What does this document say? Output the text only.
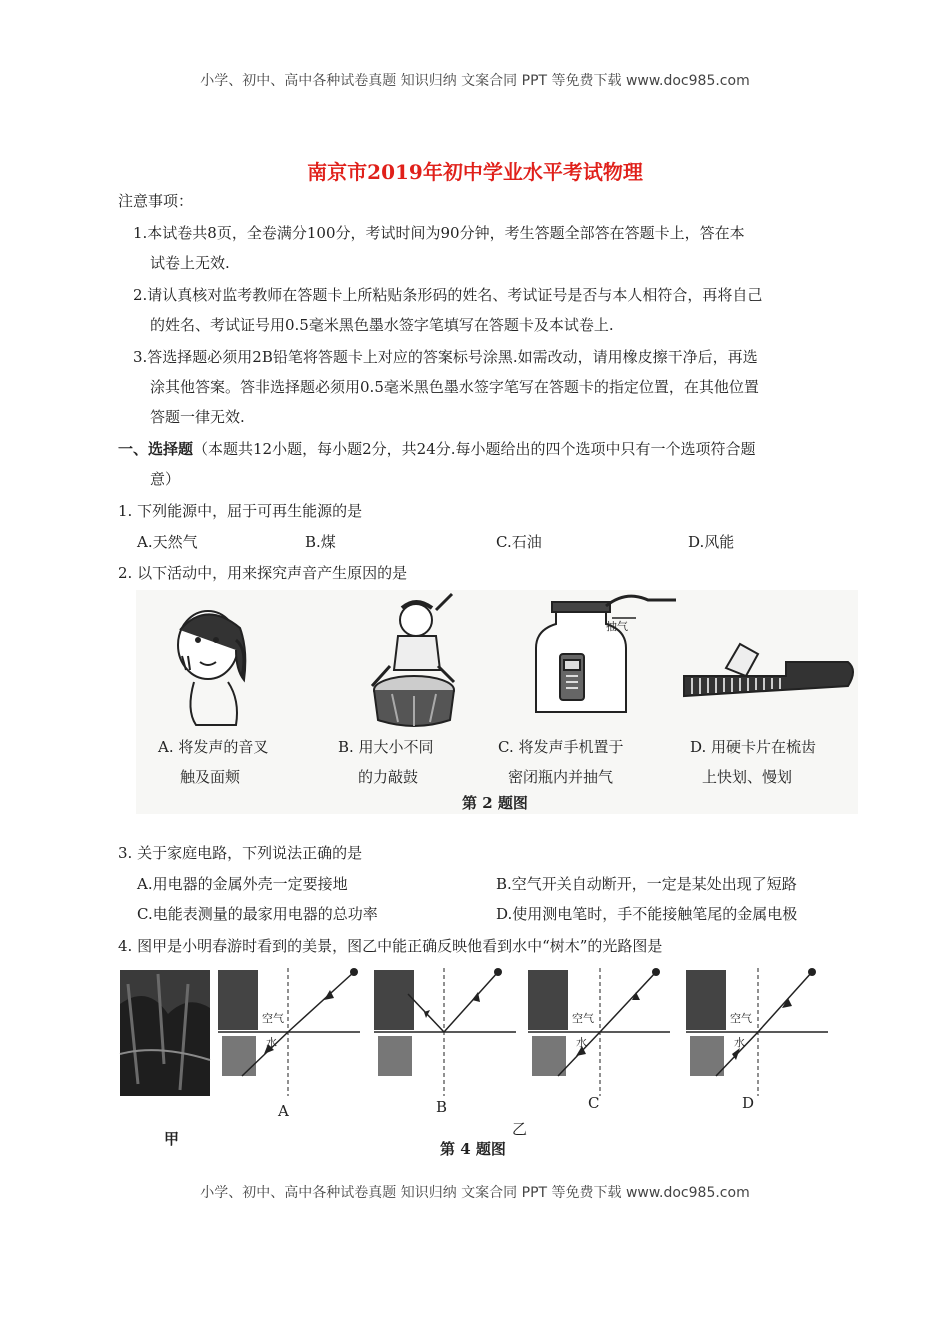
小学、初中、高中各种试卷真题 知识归纳 文案合同 PPT 等免费下载 www.doc985.com
南京市2019年初中学业水平考试物理
注意事项：
1.本试卷共8页，全卷满分100分，考试时间为90分钟，考生答题全部答在答题卡上，答在本
试卷上无效.
2.请认真核对监考教师在答题卡上所粘贴条形码的姓名、考试证号是否与本人相符合，再将自己
的姓名、考试证号用0.5毫米黑色墨水签字笔填写在答题卡及本试卷上.
3.答选择题必须用2B铅笔将答题卡上对应的答案标号涂黑.如需改动，请用橡皮擦干净后，再选
涂其他答案。答非选择题必须用0.5毫米黑色墨水签字笔写在答题卡的指定位置，在其他位置
答题一律无效.
一、选择题（本题共12小题，每小题2分，共24分.每小题给出的四个选项中只有一个选项符合题
意）
1. 下列能源中，屈于可再生能源的是
A.天然气	B.煤	C.石油	D.风能
2. 以下活动中，用来探究声音产生原因的是
抽气
A. 将发声的音叉
触及面颊
B. 用大小不同
的力敲鼓
C. 将发声手机置于
密闭瓶内并抽气
D. 用硬卡片在梳齿
上快划、慢划
第 2 题图
3. 关于家庭电路，下列说法正确的是
A.用电器的金属外壳一定要接地	B.空气开关自动断开，一定是某处出现了短路
C.电能表测量的最家用电器的总功率	D.使用测电笔时，手不能接触笔尾的金属电极
4. 图甲是小明春游时看到的美景，图乙中能正确反映他看到水中“树木”的光路图是
空气
水
空气
水
空气
水
A	B	C	D
甲
乙
第 4 题图
小学、初中、高中各种试卷真题 知识归纳 文案合同 PPT 等免费下载 www.doc985.com
